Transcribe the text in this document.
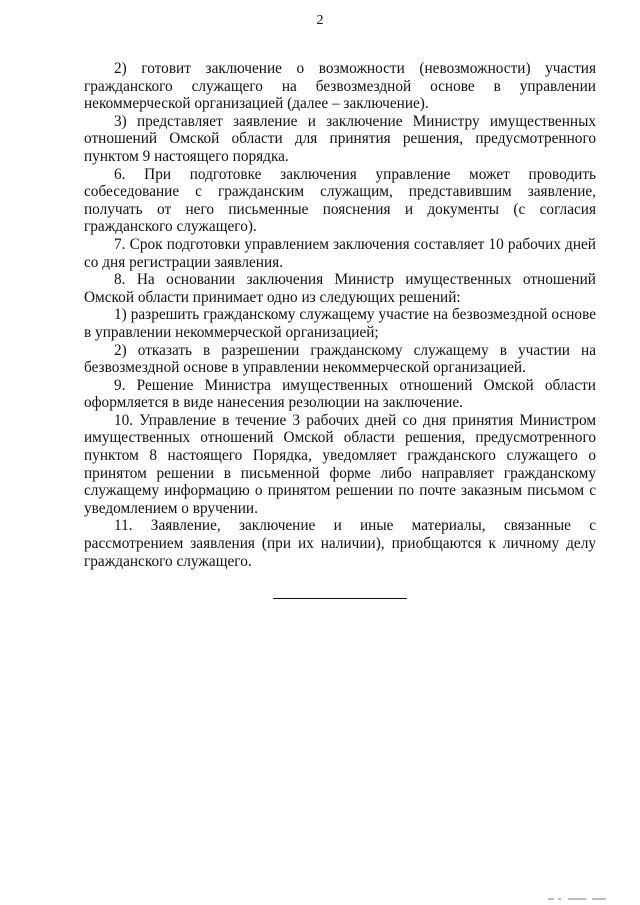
2

2) готовит заключение о возможности (невозможности) участия гражданского служащего на безвозмездной основе в управлении некоммерческой организацией (далее – заключение).

3) представляет заявление и заключение Министру имущественных отношений Омской области для принятия решения, предусмотренного пунктом 9 настоящего порядка.

6. При подготовке заключения управление может проводить собеседование с гражданским служащим, представившим заявление, получать от него письменные пояснения и документы (с согласия гражданского служащего).

7. Срок подготовки управлением заключения составляет 10 рабочих дней со дня регистрации заявления.

8. На основании заключения Министр имущественных отношений Омской области принимает одно из следующих решений:

1) разрешить гражданскому служащему участие на безвозмездной основе в управлении некоммерческой организацией;

2) отказать в разрешении гражданскому служащему в участии на безвозмездной основе в управлении некоммерческой организацией.

9. Решение Министра имущественных отношений Омской области оформляется в виде нанесения резолюции на заключение.

10. Управление в течение 3 рабочих дней со дня принятия Министром имущественных отношений Омской области решения, предусмотренного пунктом 8 настоящего Порядка, уведомляет гражданского служащего о принятом решении в письменной форме либо направляет гражданскому служащему информацию о принятом решении по почте заказным письмом с уведомлением о вручении.

11. Заявление, заключение и иные материалы, связанные с рассмотрением заявления (при их наличии), приобщаются к личному делу гражданского служащего.
